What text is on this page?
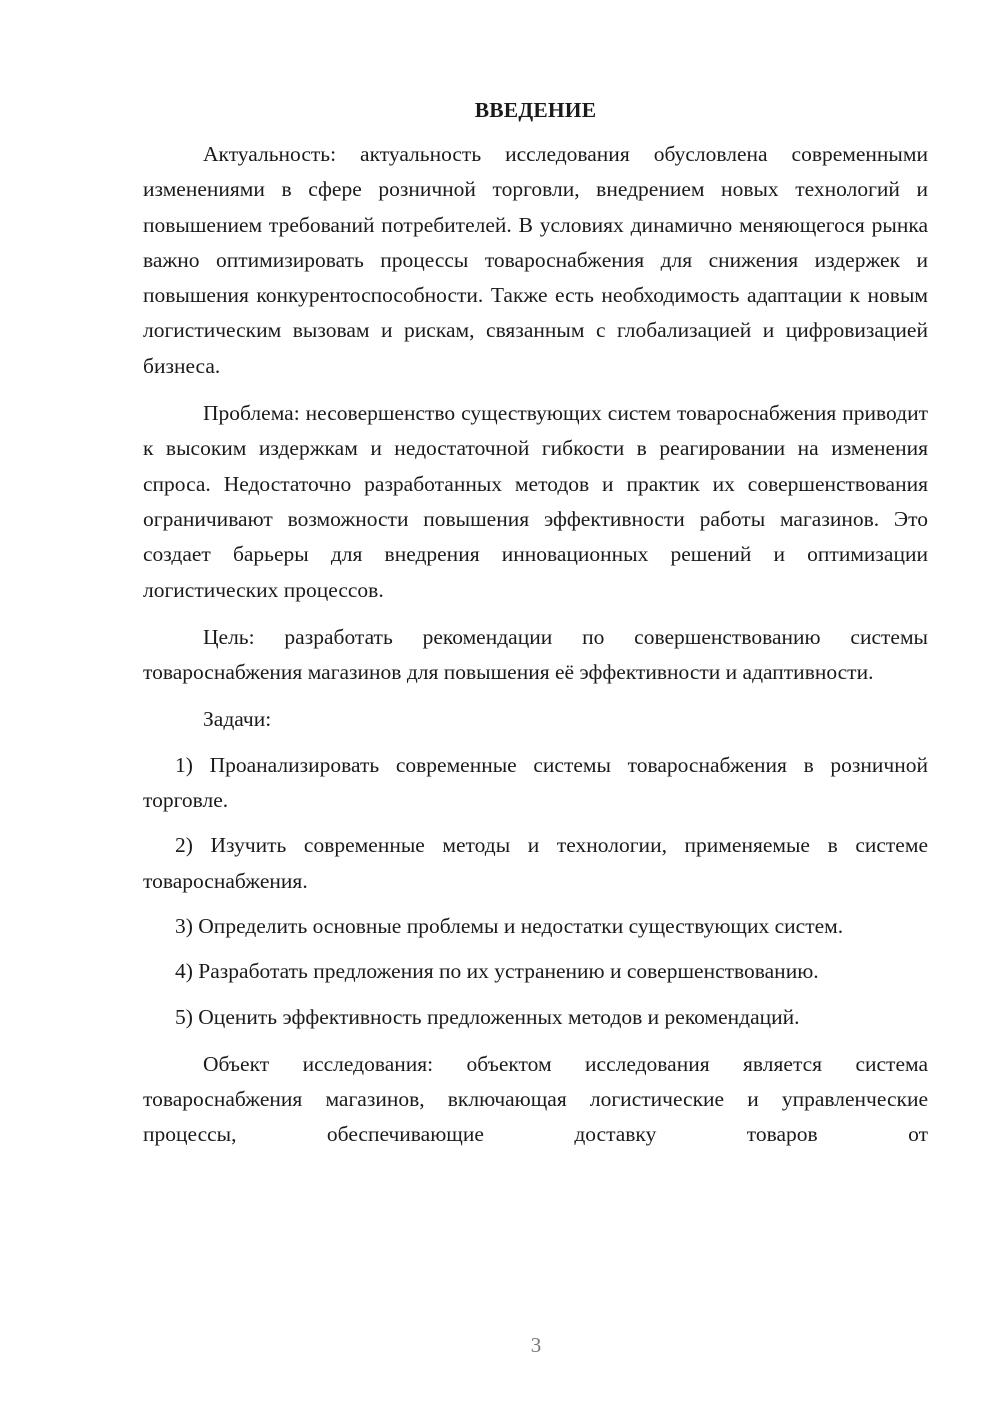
ВВЕДЕНИЕ

Актуальность: актуальность исследования обусловлена современными изменениями в сфере розничной торговли, внедрением новых технологий и повышением требований потребителей. В условиях динамично меняющегося рынка важно оптимизировать процессы товароснабжения для снижения издержек и повышения конкурентоспособности. Также есть необходимость адаптации к новым логистическим вызовам и рискам, связанным с глобализацией и цифровизацией бизнеса.

Проблема: несовершенство существующих систем товароснабжения приводит к высоким издержкам и недостаточной гибкости в реагировании на изменения спроса. Недостаточно разработанных методов и практик их совершенствования ограничивают возможности повышения эффективности работы магазинов. Это создает барьеры для внедрения инновационных решений и оптимизации логистических процессов.

Цель: разработать рекомендации по совершенствованию системы товароснабжения магазинов для повышения её эффективности и адаптивности.

Задачи:

1) Проанализировать современные системы товароснабжения в розничной торговле.

2) Изучить современные методы и технологии, применяемые в системе товароснабжения.

3) Определить основные проблемы и недостатки существующих систем.

4) Разработать предложения по их устранению и совершенствованию.

5) Оценить эффективность предложенных методов и рекомендаций.

Объект исследования: объектом исследования является система товароснабжения магазинов, включающая логистические и управленческие процессы, обеспечивающие доставку товаров от

3
